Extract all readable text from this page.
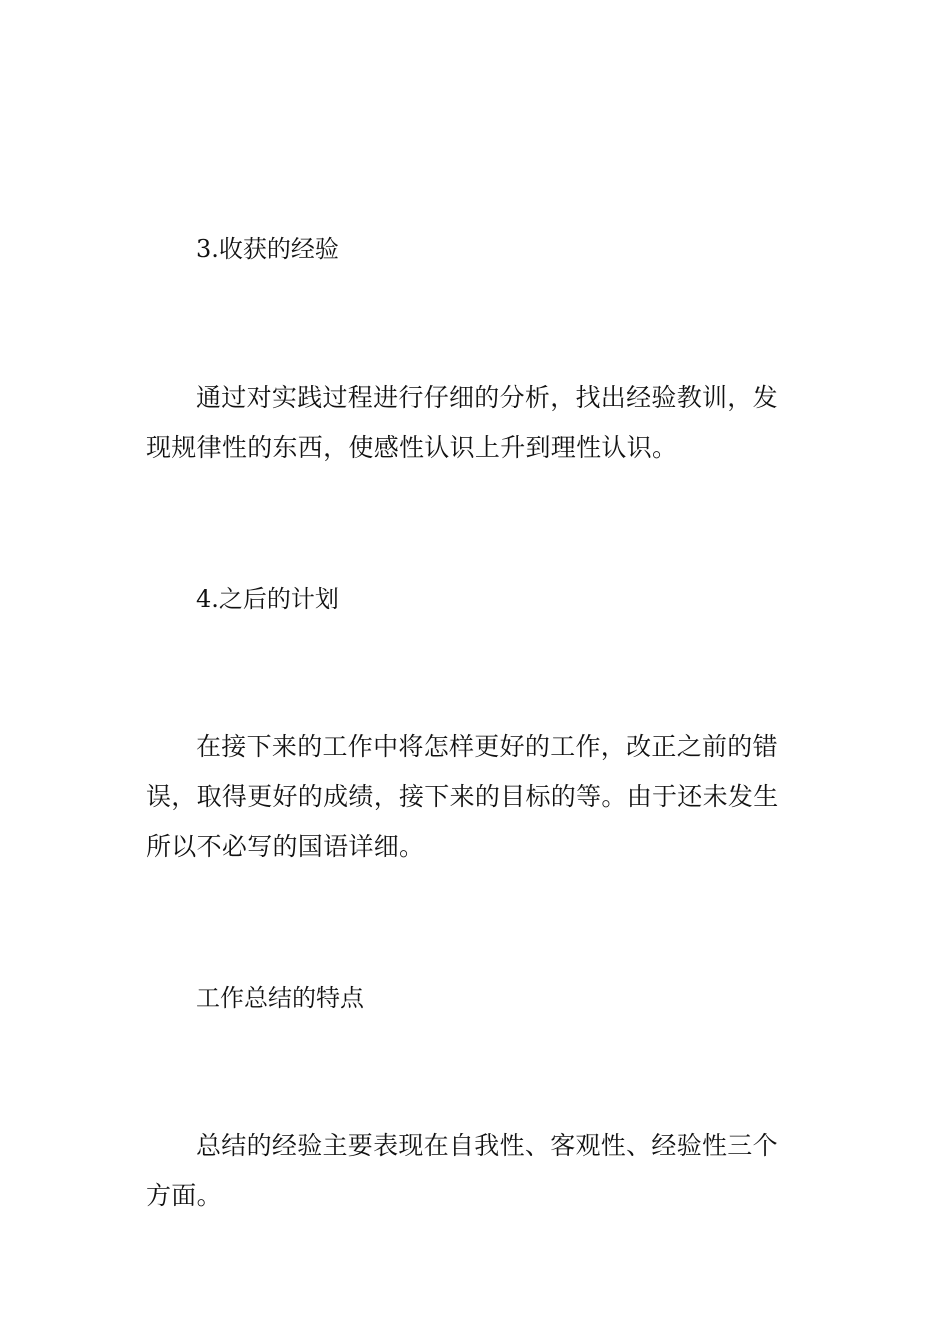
3.收获的经验
通过对实践过程进行仔细的分析，找出经验教训，发
现规律性的东西，使感性认识上升到理性认识。
4.之后的计划
在接下来的工作中将怎样更好的工作，改正之前的错
误，取得更好的成绩，接下来的目标的等。由于还未发生
所以不必写的国语详细。
工作总结的特点
总结的经验主要表现在自我性、客观性、经验性三个
方面。
